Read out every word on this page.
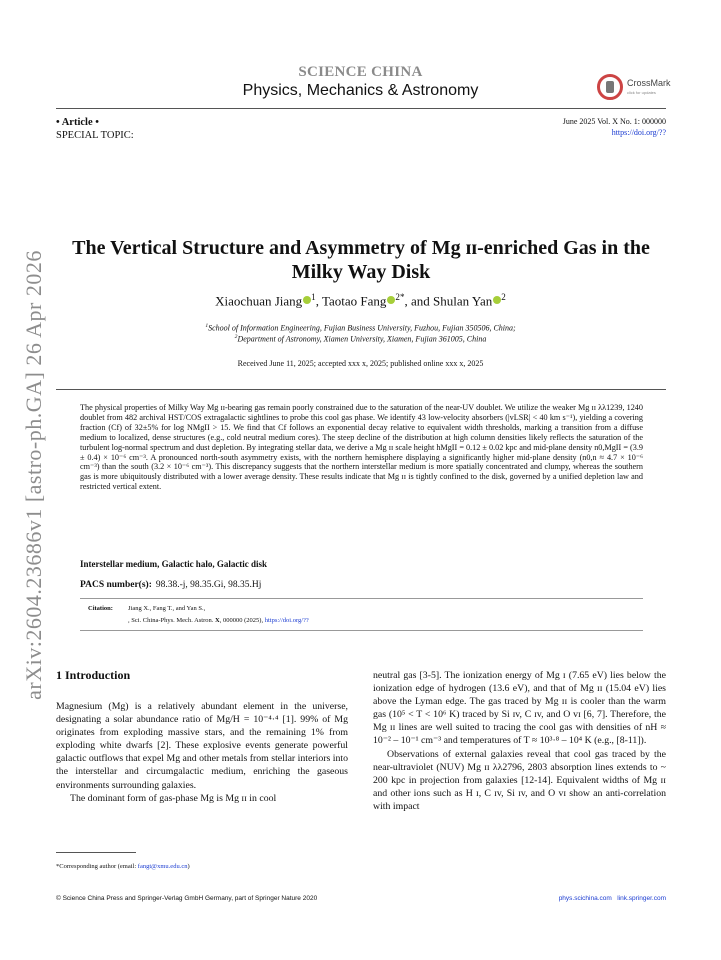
SCIENCE CHINA
Physics, Mechanics & Astronomy	CrossMark
click for updates
• Article •
SPECIAL TOPIC:
June 2025 Vol. X No. 1: 000000
https://doi.org/??
arXiv:2604.23686v1 [astro-ph.GA] 26 Apr 2026
The Vertical Structure and Asymmetry of Mg ɪɪ-enriched Gas in the
Milky Way Disk
Xiaochuan Jiang $^1$, Taotao Fang $^{2*}$, and Shulan Yan $^2$
$^1$School of Information Engineering, Fujian Business University, Fuzhou, Fujian 350506, China;
$^2$Department of Astronomy, Xiamen University, Xiamen, Fujian 361005, China
Received June 11, 2025; accepted xxx x, 2025; published online xxx x, 2025
The physical properties of Milky Way Mg ɪɪ-bearing gas remain poorly constrained due to the saturation of the near-UV doublet. We utilize the weaker Mg ɪɪ λλ1239, 1240 doublet from 482 archival HST/COS extragalactic sightlines to probe this cool gas phase. We identify 43 low-velocity absorbers (|vLSR| < 40 km s⁻¹), yielding a covering fraction (Cf) of 32±5% for log NMgII > 15. We find that Cf follows an exponential decay relative to equivalent width thresholds, marking a transition from a diffuse medium to localized, dense structures (e.g., cold neutral medium cores). The steep decline of the distribution at high column densities likely reflects the saturation of the turbulent log-normal spectrum and dust depletion. By integrating stellar data, we derive a Mg ɪɪ scale height hMgII = 0.12 ± 0.02 kpc and mid-plane density n0,MgII = (3.9 ± 0.4) × 10⁻⁶ cm⁻³. A pronounced north-south asymmetry exists, with the northern hemisphere displaying a significantly higher mid-plane density (n0,n ≈ 4.7 × 10⁻⁶ cm⁻³) than the south (3.2 × 10⁻⁶ cm⁻³). This discrepancy suggests that the northern interstellar medium is more spatially concentrated and clumpy, whereas the southern gas is more ubiquitously distributed with a lower average density. These results indicate that Mg ɪɪ is tightly confined to the disk, governed by a unified depletion law and restricted vertical extent.
Interstellar medium, Galactic halo, Galactic disk
PACS number(s): 98.38.-j, 98.35.Gi, 98.35.Hj
Citation: Jiang X., Fang T., and Yan S.,
, Sci. China-Phys. Mech. Astron. X, 000000 (2025), https://doi.org/??
1 Introduction

Magnesium (Mg) is a relatively abundant element in the universe, designating a solar abundance ratio of Mg/H = 10⁻⁴·⁴ [1]. 99% of Mg originates from exploding massive stars, and the remaining 1% from exploding white dwarfs [2]. These explosive events generate powerful galactic outflows that expel Mg and other metals from stellar interiors into the interstellar and circumgalactic medium, enriching the gaseous environments surrounding galaxies.

The dominant form of gas-phase Mg is Mg ɪɪ in cool

neutral gas [3-5]. The ionization energy of Mg ɪ (7.65 eV) lies below the ionization edge of hydrogen (13.6 eV), and that of Mg ɪɪ (15.04 eV) lies above the Lyman edge. The gas traced by Mg ɪɪ is cooler than the warm gas (10⁵ < T < 10⁶ K) traced by Si ɪv, C ɪv, and O vɪ [6, 7]. Therefore, the Mg ɪɪ lines are well suited to tracing the cool gas with densities of nH ≈ 10⁻² – 10⁻¹ cm⁻³ and temperatures of T ≈ 10³·⁸ – 10⁴ K (e.g., [8-11]).

Observations of external galaxies reveal that cool gas traced by the near-ultraviolet (NUV) Mg ɪɪ λλ2796, 2803 absorption lines extends to ~ 200 kpc in projection from galaxies [12-14]. Equivalent widths of Mg ɪɪ and other ions such as H ɪ, C ɪv, Si ɪv, and O vɪ show an anti-correlation with impact

*Corresponding author (email: fangt@xmu.edu.cn)
© Science China Press and Springer-Verlag GmbH Germany, part of Springer Nature 2020	phys.scichina.com link.springer.com
